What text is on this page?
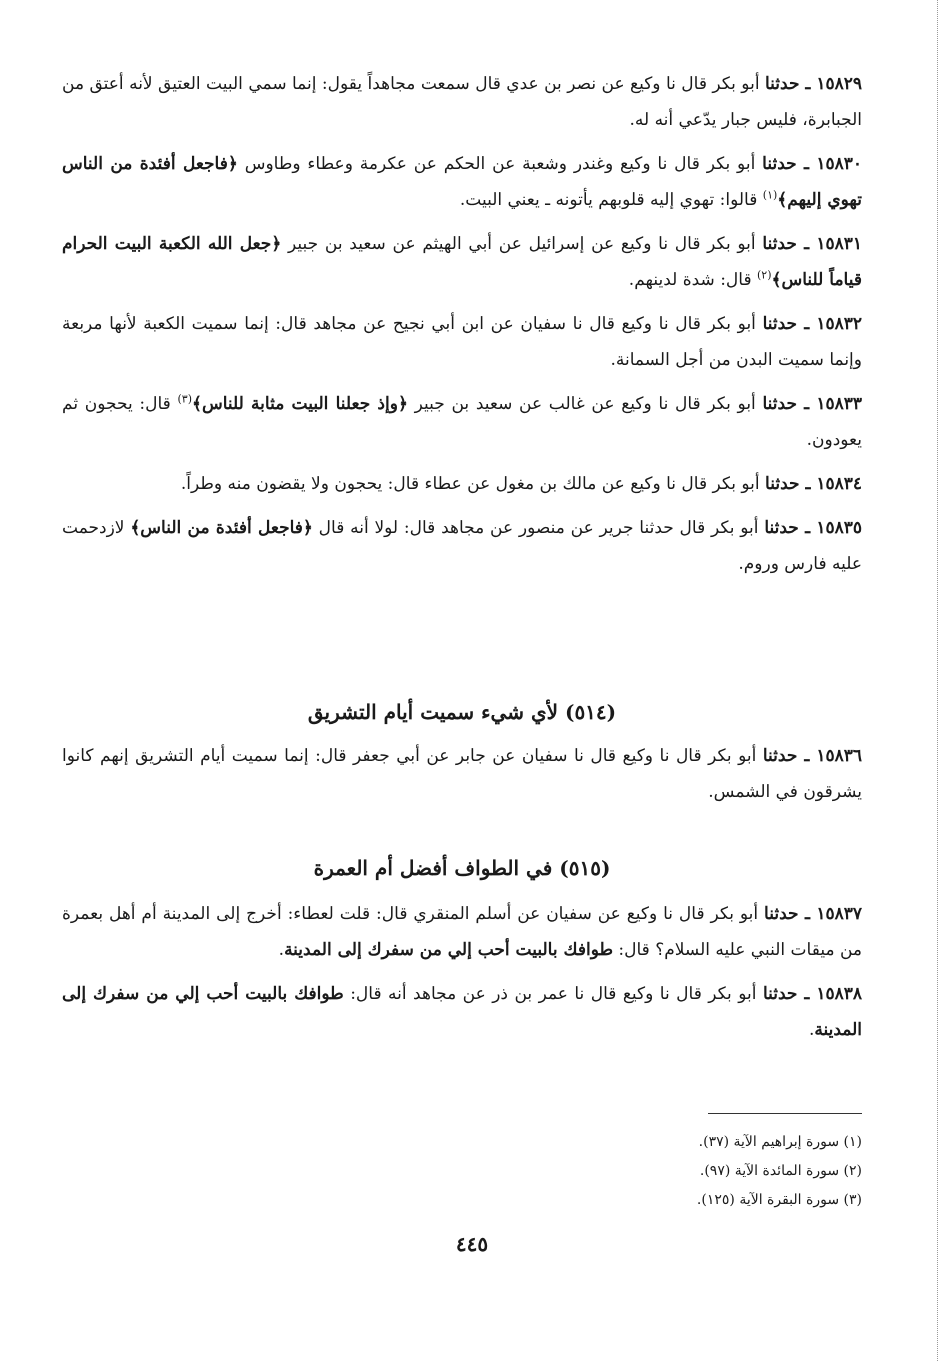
١٥٨٢٩ ـ حدثنا أبو بكر قال نا وكيع عن نصر بن عدي قال سمعت مجاهداً يقول: إنما سمي البيت العتيق لأنه أعتق من الجبابرة، فليس جبار يدّعي أنه له.

١٥٨٣٠ ـ حدثنا أبو بكر قال نا وكيع وغندر وشعبة عن الحكم عن عكرمة وعطاء وطاوس ﴿فاجعل أفئدة من الناس تهوي إليهم﴾$^{(١)}$ قالوا: تهوي إليه قلوبهم يأتونه ـ يعني البيت.

١٥٨٣١ ـ حدثنا أبو بكر قال نا وكيع عن إسرائيل عن أبي الهيثم عن سعيد بن جبير ﴿جعل الله الكعبة البيت الحرام قياماً للناس﴾$^{(٢)}$ قال: شدة لدينهم.

١٥٨٣٢ ـ حدثنا أبو بكر قال نا وكيع قال نا سفيان عن ابن أبي نجيح عن مجاهد قال: إنما سميت الكعبة لأنها مربعة وإنما سميت البدن من أجل السمانة.

١٥٨٣٣ ـ حدثنا أبو بكر قال نا وكيع عن غالب عن سعيد بن جبير ﴿وإذ جعلنا البيت مثابة للناس﴾$^{(٣)}$ قال: يحجون ثم يعودون.

١٥٨٣٤ ـ حدثنا أبو بكر قال نا وكيع عن مالك بن مغول عن عطاء قال: يحجون ولا يقضون منه وطراً.

١٥٨٣٥ ـ حدثنا أبو بكر قال حدثنا جرير عن منصور عن مجاهد قال: لولا أنه قال ﴿فاجعل أفئدة من الناس﴾ لازدحمت عليه فارس وروم.

(٥١٤) لأي شيء سميت أيام التشريق

١٥٨٣٦ ـ حدثنا أبو بكر قال نا وكيع قال نا سفيان عن جابر عن أبي جعفر قال: إنما سميت أيام التشريق إنهم كانوا يشرقون في الشمس.

(٥١٥) في الطواف أفضل أم العمرة

١٥٨٣٧ ـ حدثنا أبو بكر قال نا وكيع عن سفيان عن أسلم المنقري قال: قلت لعطاء: أخرج إلى المدينة أم أهل بعمرة من ميقات النبي عليه السلام؟ قال: طوافك بالبيت أحب إلي من سفرك إلى المدينة.

١٥٨٣٨ ـ حدثنا أبو بكر قال نا وكيع قال نا عمر بن ذر عن مجاهد أنه قال: طوافك بالبيت أحب إلي من سفرك إلى المدينة.

(١) سورة إبراهيم الآية (٣٧).

(٢) سورة المائدة الآية (٩٧).

(٣) سورة البقرة الآية (١٢٥).

٤٤٥
